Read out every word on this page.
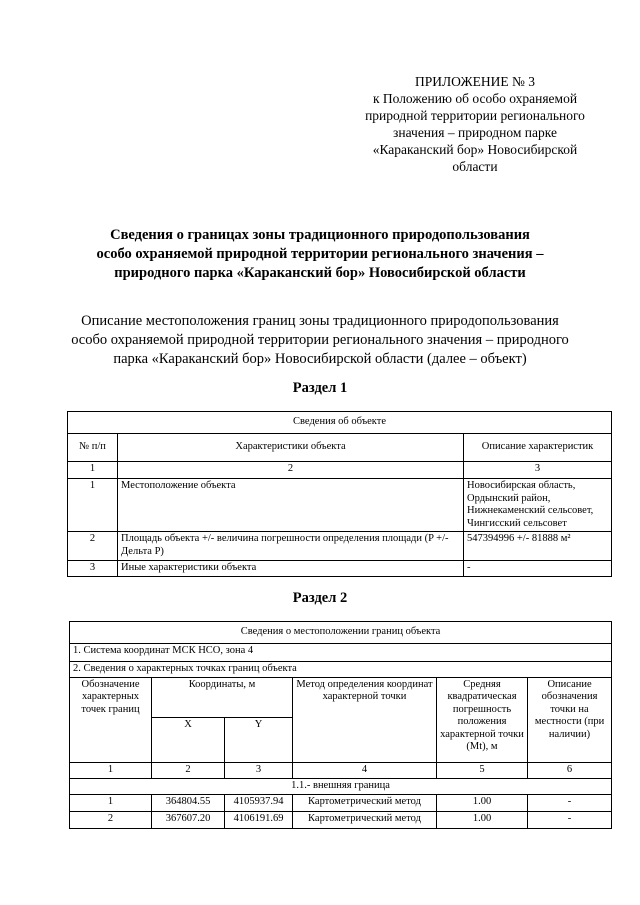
ПРИЛОЖЕНИЕ № 3
к Положению об особо охраняемой
природной территории регионального
значения – природном парке
«Караканский бор» Новосибирской
области
Сведения о границах зоны традиционного природопользования
особо охраняемой природной территории регионального значения –
природного парка «Караканский бор» Новосибирской области
Описание местоположения границ зоны традиционного природопользования
особо охраняемой природной территории регионального значения – природного
парка «Караканский бор» Новосибирской области (далее – объект)
Раздел 1
Сведения об объекте		
№ п/п	Характеристики объекта	Описание характеристик
1	2	3
1	Местоположение объекта	Новосибирская область, Ордынский район, Нижнекаменский сельсовет, Чингисский сельсовет
2	Площадь объекта +/- величина погрешности определения площади (P +/- Дельта P)	547394996 +/- 81888 м²
3	Иные характеристики объекта	-
Раздел 2
Сведения о местоположении границ объекта					
1. Система координат МСК НСО, зона 4					
2. Сведения о характерных точках границ объекта					
Обозначение характерных точек границ	Координаты, м		Метод определения координат характерной точки	Средняя квадратическая погрешность положения характерной точки (Mt), м	Описание обозначения точки на местности (при наличии)
	X	Y			
1	2	3	4	5	6
1.1.- внешняя граница					
1	364804.55	4105937.94	Картометрический метод	1.00	-
2	367607.20	4106191.69	Картометрический метод	1.00	-
